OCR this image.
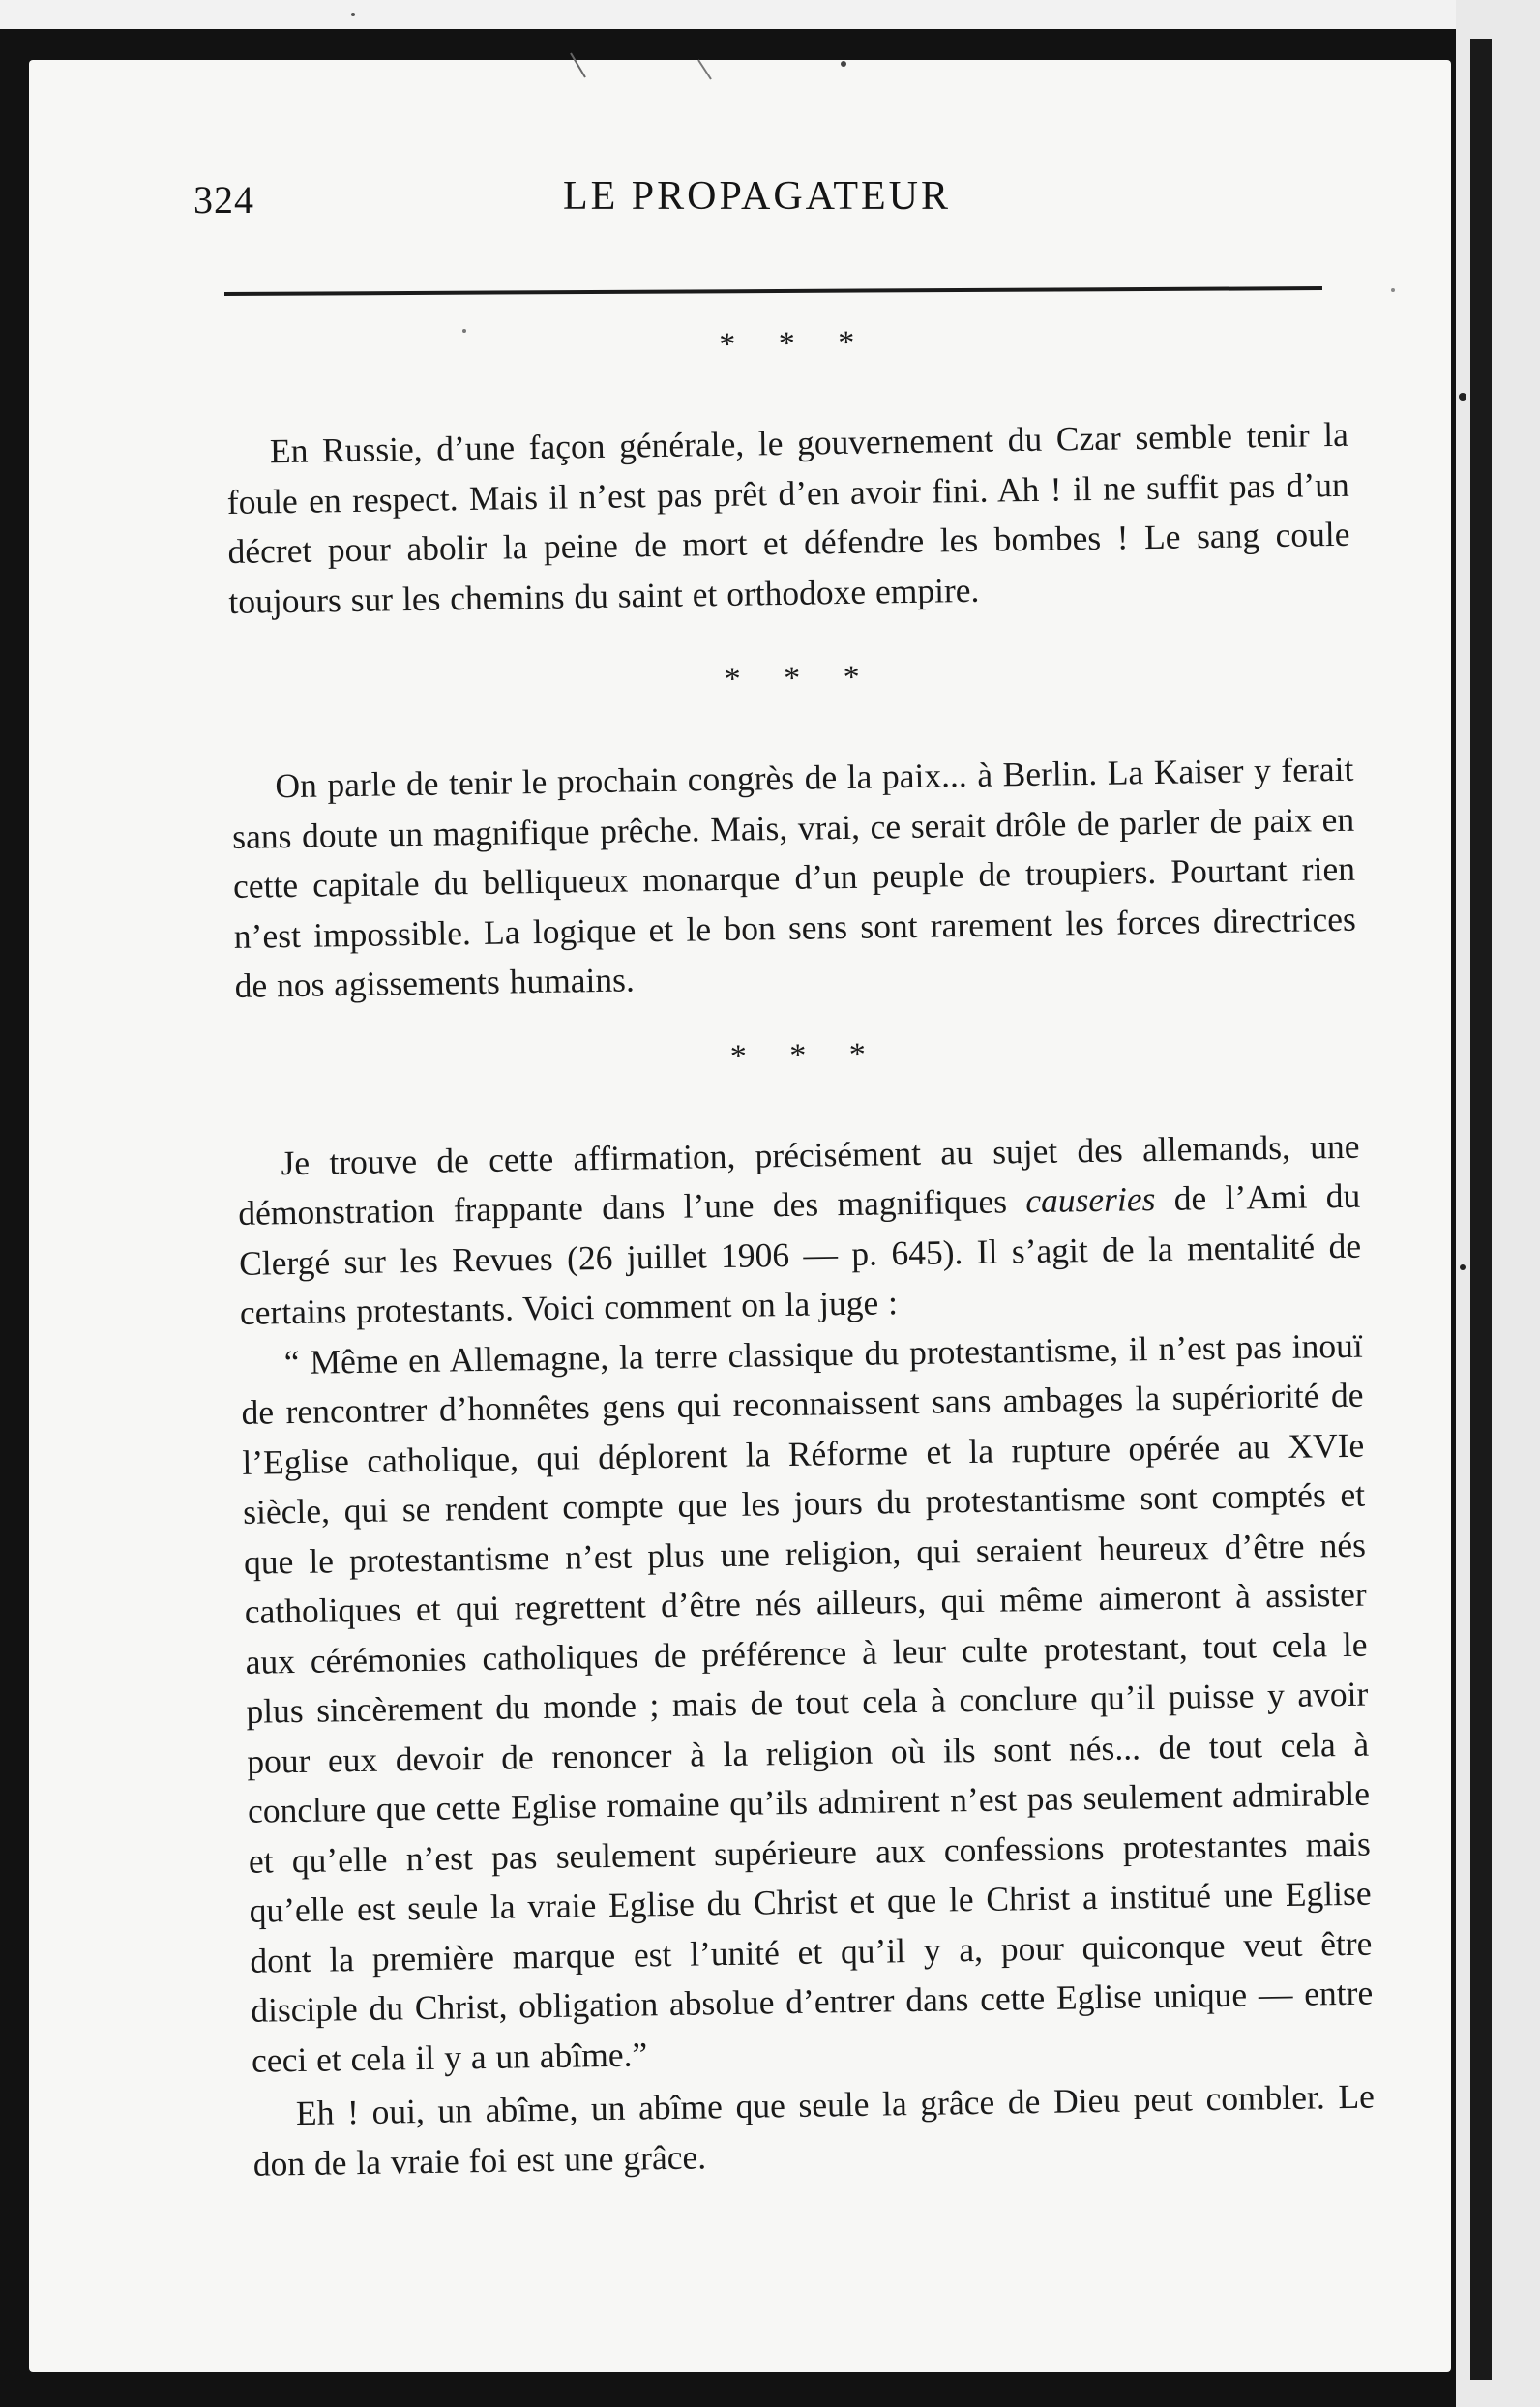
324	LE PROPAGATEUR
* * *

En Russie, d’une façon générale, le gouvernement du Czar semble tenir la foule en respect. Mais il n’est pas prêt d’en avoir fini. Ah ! il ne suffit pas d’un décret pour abolir la peine de mort et défendre les bombes ! Le sang coule toujours sur les chemins du saint et orthodoxe empire.

* * *

On parle de tenir le prochain congrès de la paix... à Berlin. La Kaiser y ferait sans doute un magnifique prêche. Mais, vrai, ce serait drôle de parler de paix en cette capitale du belliqueux monarque d’un peuple de troupiers. Pourtant rien n’est impossible. La logique et le bon sens sont rarement les forces directrices de nos agissements humains.

* * *

Je trouve de cette affirmation, précisément au sujet des allemands, une démonstration frappante dans l’une des magnifiques causeries de l’Ami du Clergé sur les Revues (26 juillet 1906 — p. 645). Il s’agit de la mentalité de certains protestants. Voici comment on la juge :

“ Même en Allemagne, la terre classique du protestantisme, il n’est pas inouï de rencontrer d’honnêtes gens qui reconnaissent sans ambages la supériorité de l’Eglise catholique, qui déplorent la Réforme et la rupture opérée au XVIe siècle, qui se rendent compte que les jours du protestantisme sont comptés et que le protestantisme n’est plus une religion, qui seraient heureux d’être nés catholiques et qui regrettent d’être nés ailleurs, qui même aimeront à assister aux cérémonies catholiques de préférence à leur culte protestant, tout cela le plus sincèrement du monde ; mais de tout cela à conclure qu’il puisse y avoir pour eux devoir de renoncer à la religion où ils sont nés... de tout cela à conclure que cette Eglise romaine qu’ils admirent n’est pas seulement admirable et qu’elle n’est pas seulement supérieure aux confessions protestantes mais qu’elle est seule la vraie Eglise du Christ et que le Christ a institué une Eglise dont la première marque est l’unité et qu’il y a, pour quiconque veut être disciple du Christ, obligation absolue d’entrer dans cette Eglise unique — entre ceci et cela il y a un abîme.”

Eh ! oui, un abîme, un abîme que seule la grâce de Dieu peut combler. Le don de la vraie foi est une grâce.
